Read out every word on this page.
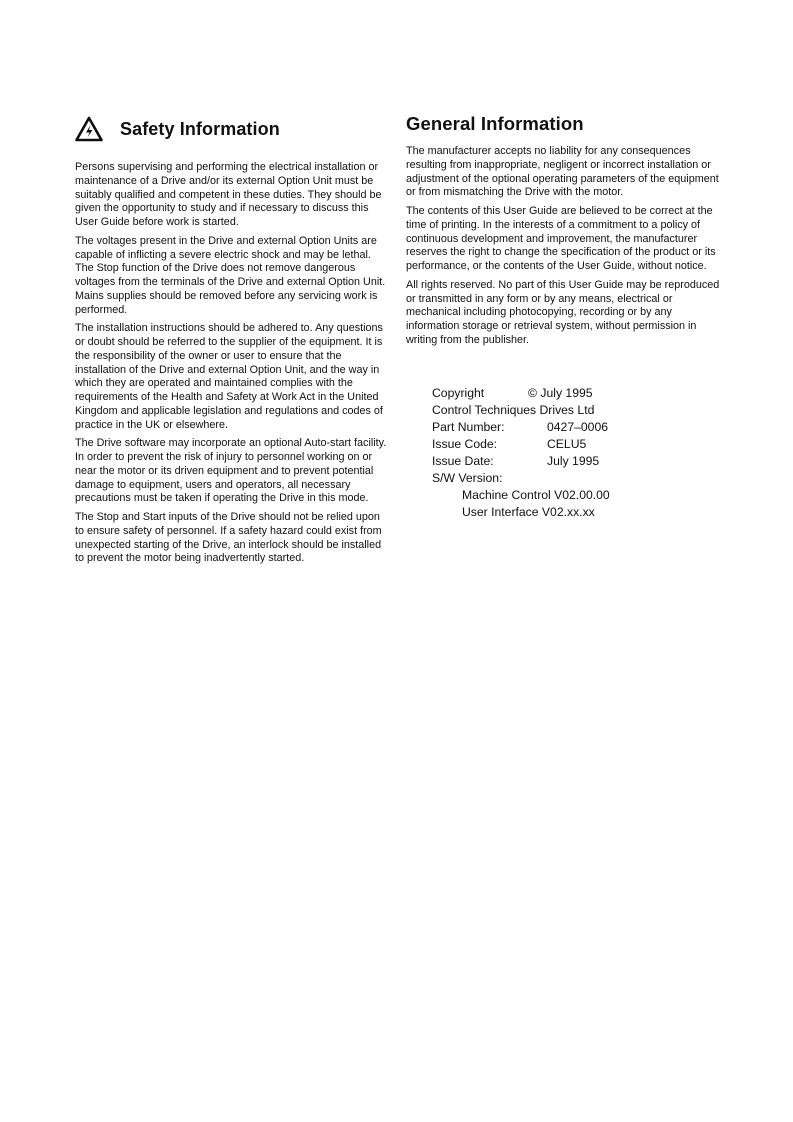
Safety Information

Persons supervising and performing the electrical installation or maintenance of a Drive and/or its external Option Unit must be suitably qualified and competent in these duties. They should be given the opportunity to study and if necessary to discuss this User Guide before work is started.

The voltages present in the Drive and external Option Units are capable of inflicting a severe electric shock and may be lethal. The Stop function of the Drive does not remove dangerous voltages from the terminals of the Drive and external Option Unit. Mains supplies should be removed before any servicing work is performed.

The installation instructions should be adhered to. Any questions or doubt should be referred to the supplier of the equipment. It is the responsibility of the owner or user to ensure that the installation of the Drive and external Option Unit, and the way in which they are operated and maintained complies with the requirements of the Health and Safety at Work Act in the United Kingdom and applicable legislation and regulations and codes of practice in the UK or elsewhere.

The Drive software may incorporate an optional Auto-start facility. In order to prevent the risk of injury to personnel working on or near the motor or its driven equipment and to prevent potential damage to equipment, users and operators, all necessary precautions must be taken if operating the Drive in this mode.

The Stop and Start inputs of the Drive should not be relied upon to ensure safety of personnel. If a safety hazard could exist from unexpected starting of the Drive, an interlock should be installed to prevent the motor being inadvertently started.

General Information

The manufacturer accepts no liability for any consequences resulting from inappropriate, negligent or incorrect installation or adjustment of the optional operating parameters of the equipment or from mismatching the Drive with the motor.

The contents of this User Guide are believed to be correct at the time of printing. In the interests of a commitment to a policy of continuous development and improvement, the manufacturer reserves the right to change the specification of the product or its performance, or the contents of the User Guide, without notice.

All rights reserved. No part of this User Guide may be reproduced or transmitted in any form or by any means, electrical or mechanical including photocopying, recording or by any information storage or retrieval system, without permission in writing from the publisher.

Copyright	© July 1995
Control Techniques Drives Ltd
Part Number:	0427–0006
Issue Code:	CELU5
Issue Date:	July 1995
S/W Version:
Machine Control V02.00.00
User Interface V02.xx.xx
